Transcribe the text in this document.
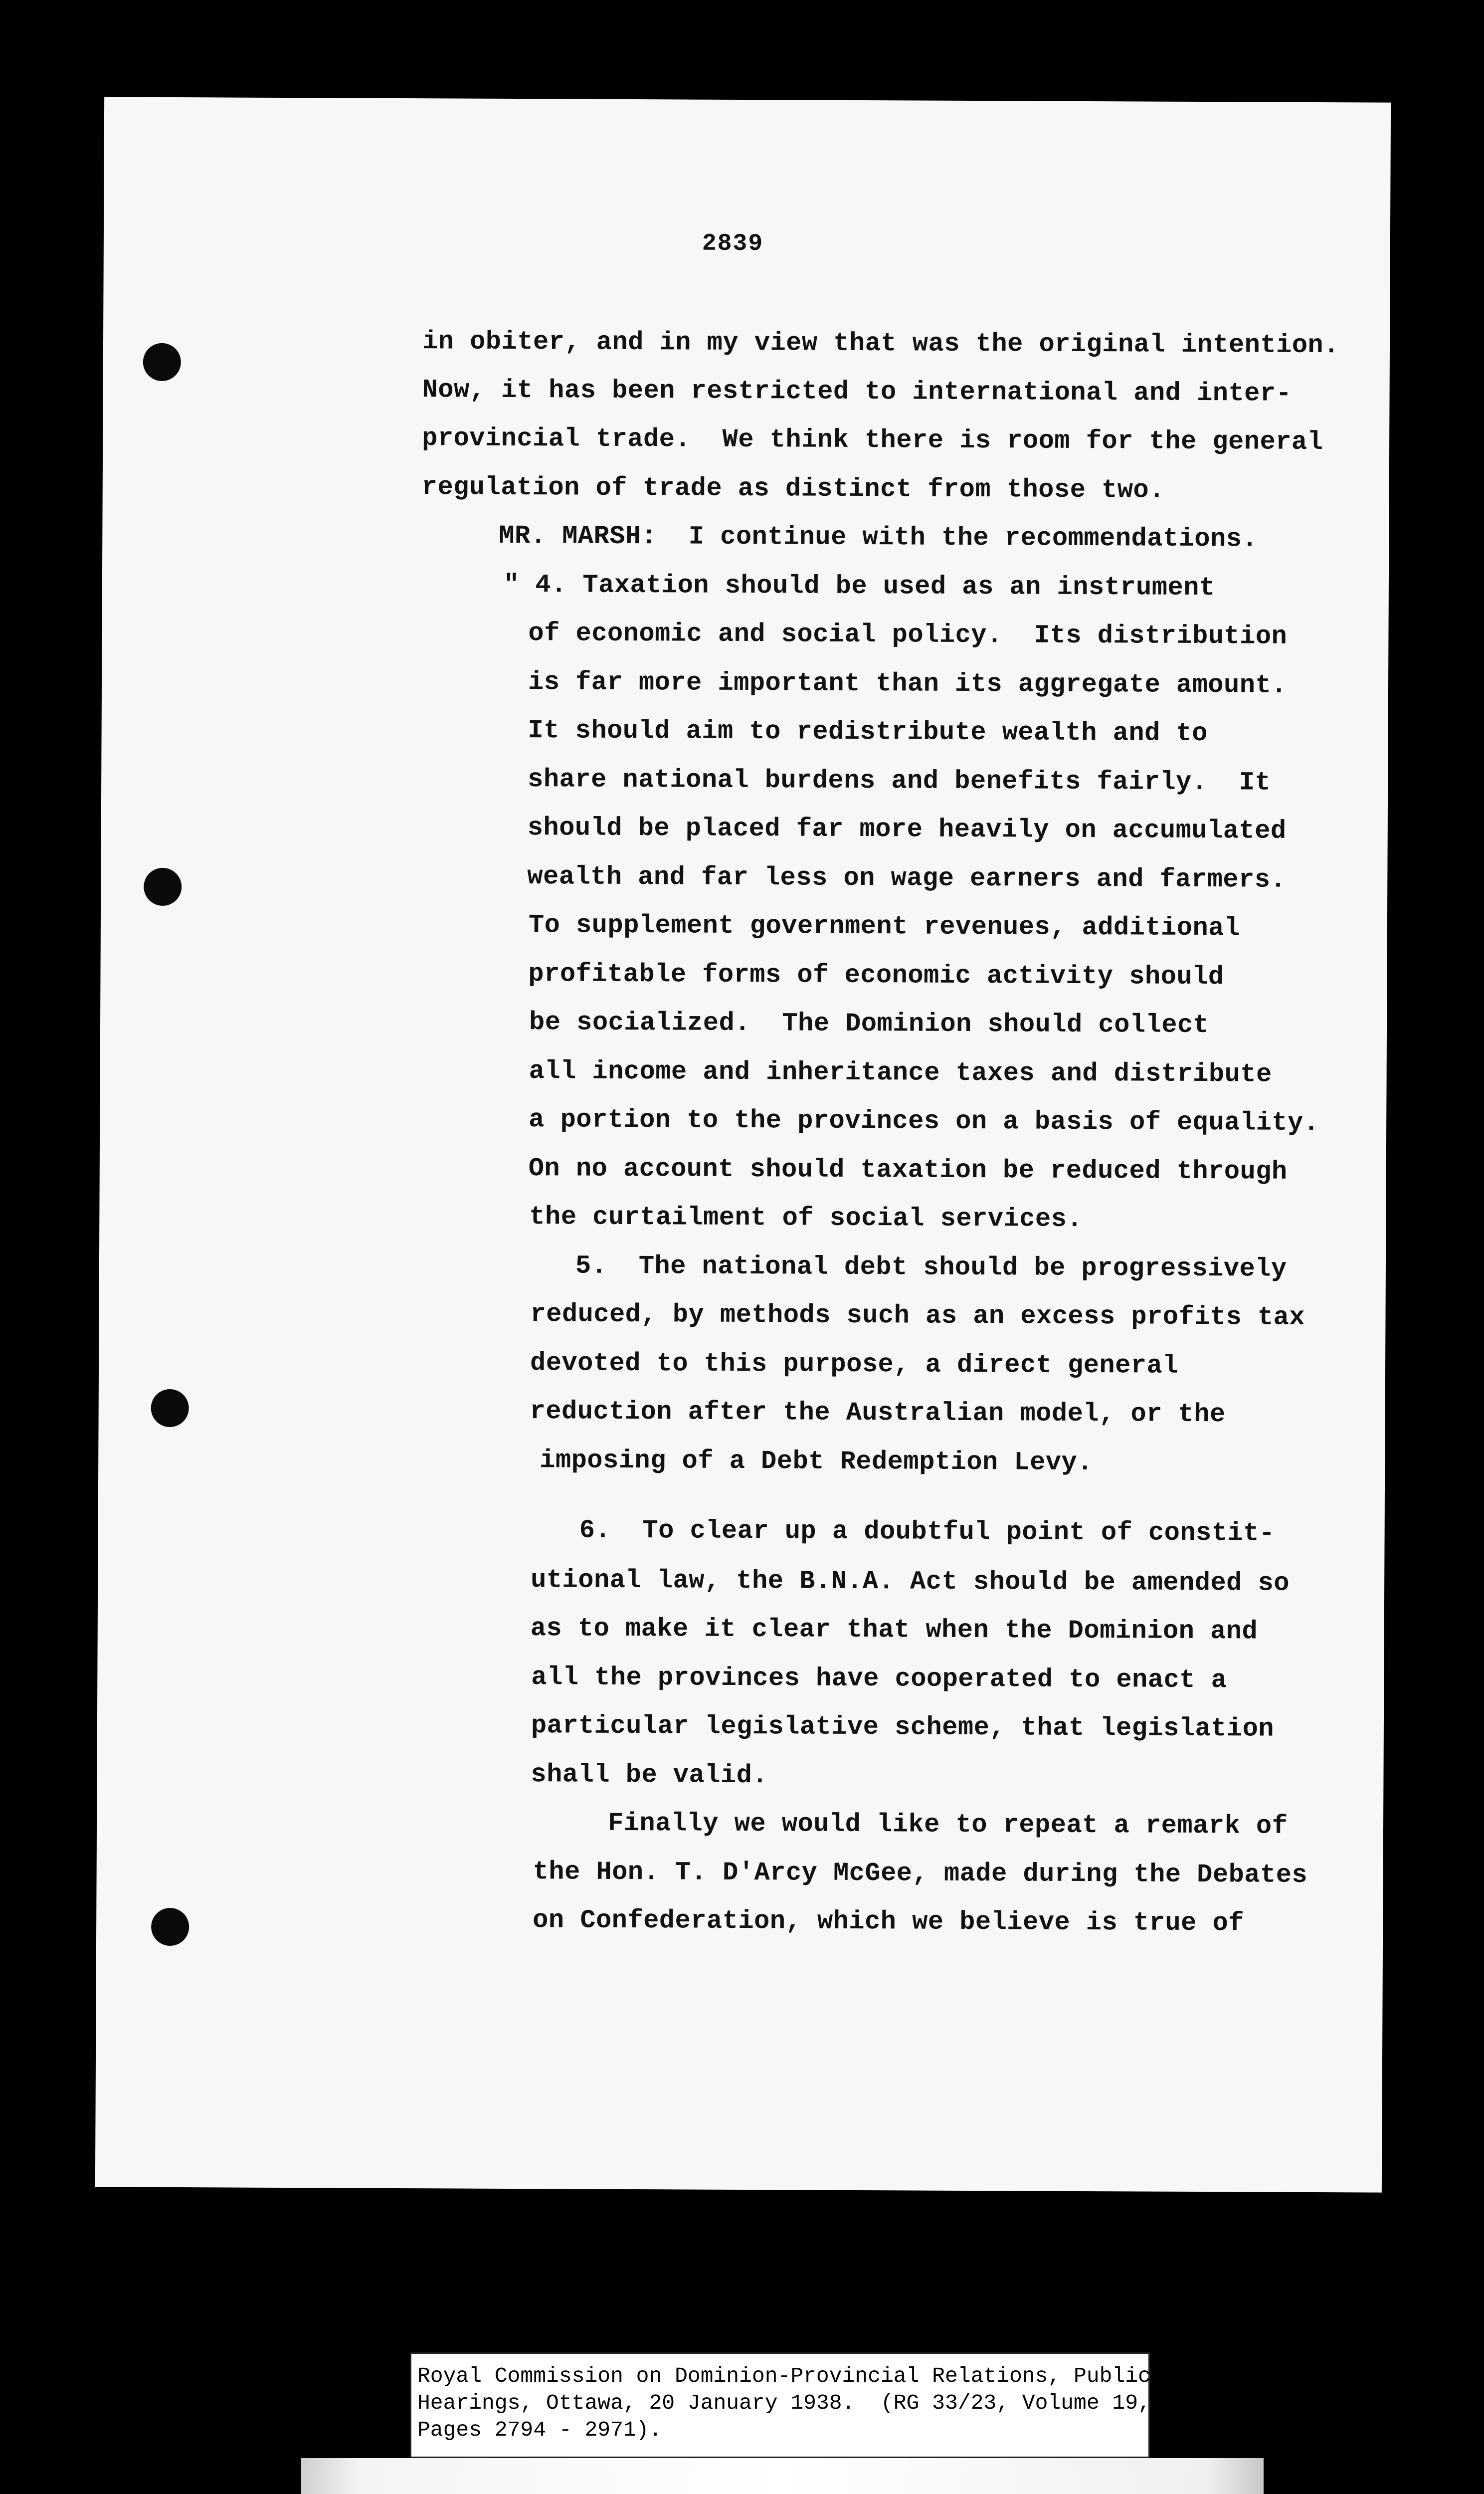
2839
in obiter, and in my view that was the original intention.
Now, it has been restricted to international and inter-
provincial trade.  We think there is room for the general
regulation of trade as distinct from those two.
MR. MARSH:  I continue with the recommendations.
" 4. Taxation should be used as an instrument
of economic and social policy.  Its distribution
is far more important than its aggregate amount.
It should aim to redistribute wealth and to
share national burdens and benefits fairly.  It
should be placed far more heavily on accumulated
wealth and far less on wage earners and farmers.
To supplement government revenues, additional
profitable forms of economic activity should
be socialized.  The Dominion should collect
all income and inheritance taxes and distribute
a portion to the provinces on a basis of equality.
On no account should taxation be reduced through
the curtailment of social services.
5.  The national debt should be progressively
reduced, by methods such as an excess profits tax
devoted to this purpose, a direct general
reduction after the Australian model, or the
imposing of a Debt Redemption Levy.
6.  To clear up a doubtful point of constit-
utional law, the B.N.A. Act should be amended so
as to make it clear that when the Dominion and
all the provinces have cooperated to enact a
particular legislative scheme, that legislation
shall be valid.
Finally we would like to repeat a remark of
the Hon. T. D'Arcy McGee, made during the Debates
on Confederation, which we believe is true of
Royal Commission on Dominion-Provincial Relations, Public
Hearings, Ottawa, 20 January 1938.  (RG 33/23, Volume 19,
Pages 2794 - 2971).
